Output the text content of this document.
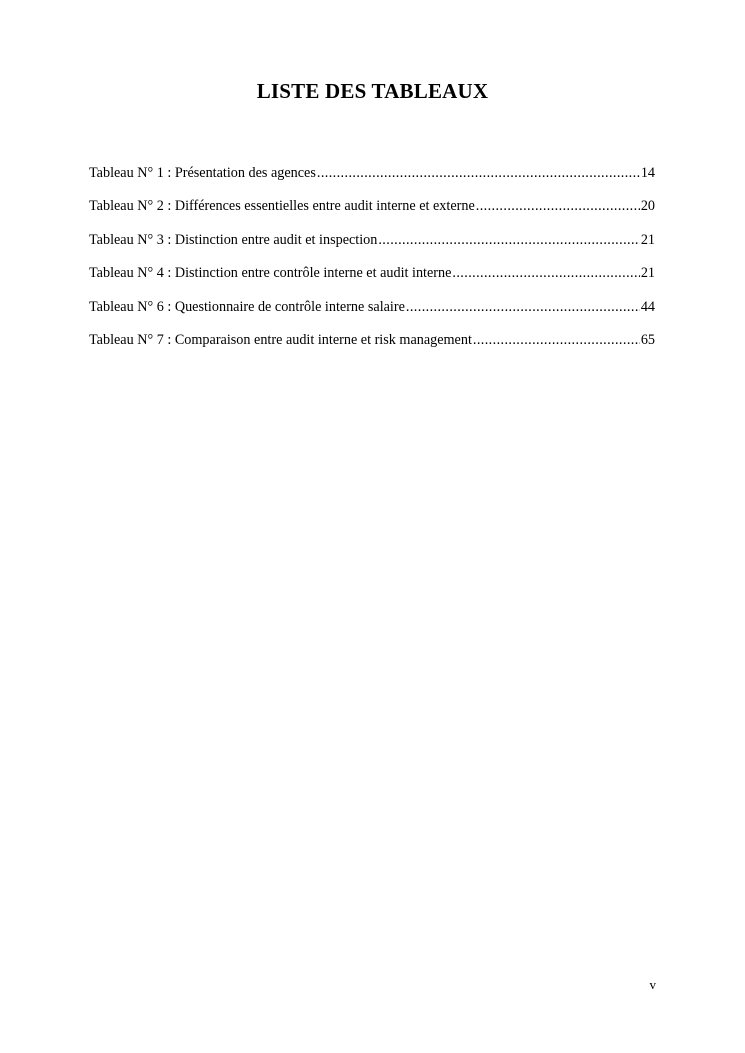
LISTE DES TABLEAUX
Tableau N° 1 : Présentation des agences .....	14
Tableau N° 2 : Différences essentielles entre audit interne et externe .....	20
Tableau N° 3 : Distinction entre audit et inspection .....	21
Tableau N° 4 : Distinction entre contrôle interne et audit interne .....	21
Tableau N° 6 : Questionnaire de contrôle interne salaire .....	44
Tableau N° 7 : Comparaison entre audit interne et risk management .....	65
v
